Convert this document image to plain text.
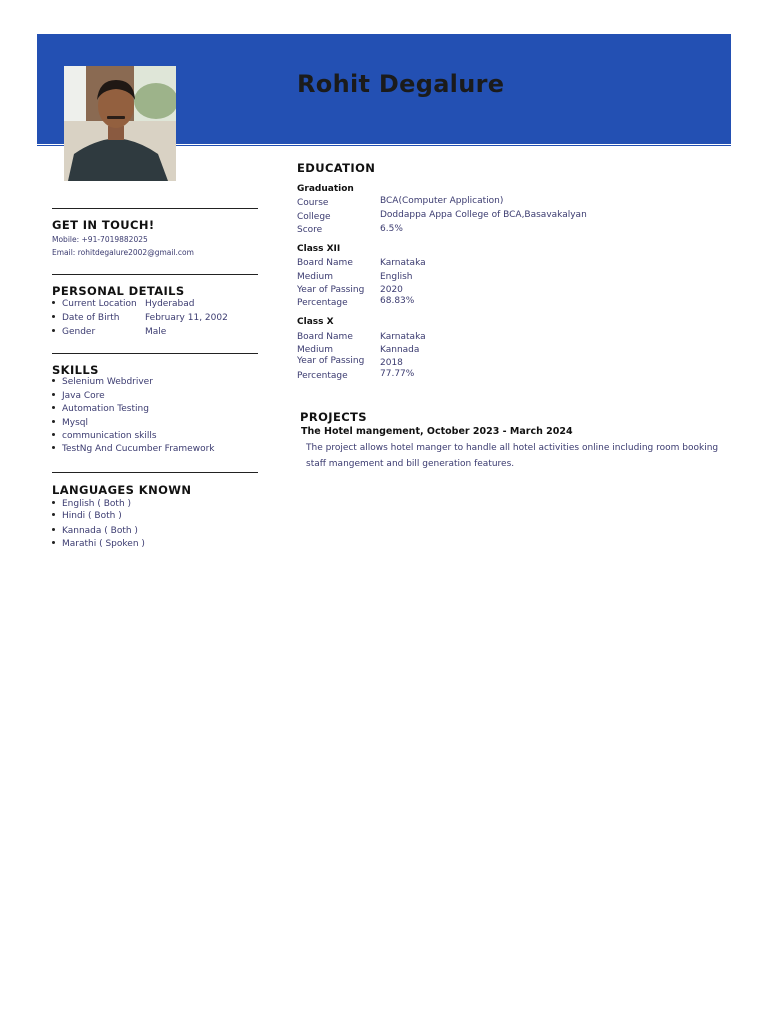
Rohit Degalure
GET IN TOUCH!
Mobile: +91-7019882025
Email: rohitdegalure2002@gmail.com
PERSONAL DETAILS
Current Location Hyderabad
Date of Birth	February 11, 2002
Gender	Male
SKILLS
Selenium Webdriver
Java Core
Automation Testing
Mysql
communication skills
TestNg And Cucumber Framework
LANGUAGES KNOWN
English ( Both )
Hindi ( Both )
Kannada ( Both )
Marathi ( Spoken )
EDUCATION
Graduation
Course	BCA(Computer Application)
College	Doddappa Appa College of BCA,Basavakalyan
Score	6.5%
Class XII
Board Name	Karnataka
Medium	English
Year of Passing 2020
Percentage	68.83%
Class X
Board Name	Karnataka
Medium	Kannada
Year of Passing 2018
Percentage	77.77%
PROJECTS
The Hotel mangement, October 2023 - March 2024
The project allows hotel manger to handle all hotel activities online including room booking staff mangement and bill generation features.
